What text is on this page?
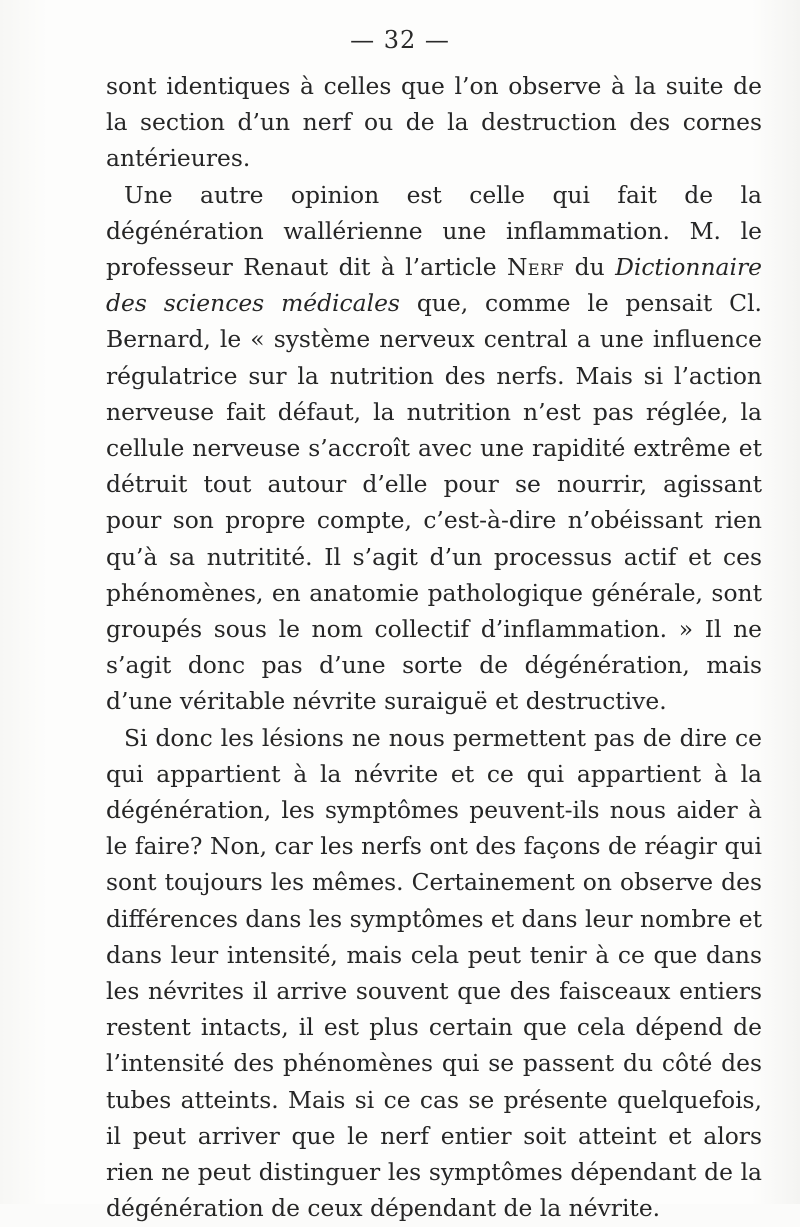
— 32 —

sont identiques à celles que l’on observe à la suite de la section d’un nerf ou de la destruction des cornes antérieures.

Une autre opinion est celle qui fait de la dégénération wallérienne une inflammation. M. le professeur Renaut dit à l’article Nerf du Dictionnaire des sciences médicales que, comme le pensait Cl. Bernard, le « système nerveux central a une influence régulatrice sur la nutrition des nerfs. Mais si l’action nerveuse fait défaut, la nutrition n’est pas réglée, la cellule nerveuse s’accroît avec une rapidité extrême et détruit tout autour d’elle pour se nourrir, agissant pour son propre compte, c’est-à-dire n’obéissant rien qu’à sa nutritité. Il s’agit d’un processus actif et ces phénomènes, en anatomie pathologique générale, sont groupés sous le nom collectif d’inflammation. » Il ne s’agit donc pas d’une sorte de dégénération, mais d’une véritable névrite suraiguë et destructive.

Si donc les lésions ne nous permettent pas de dire ce qui appartient à la névrite et ce qui appartient à la dégénération, les symptômes peuvent-ils nous aider à le faire? Non, car les nerfs ont des façons de réagir qui sont toujours les mêmes. Certainement on observe des différences dans les symptômes et dans leur nombre et dans leur intensité, mais cela peut tenir à ce que dans les névrites il arrive souvent que des faisceaux entiers restent intacts, il est plus certain que cela dépend de l’intensité des phénomènes qui se passent du côté des tubes atteints. Mais si ce cas se présente quelquefois, il peut arriver que le nerf entier soit atteint et alors rien ne peut distinguer les symptômes dépendant de la dégénération de ceux dépendant de la névrite.
